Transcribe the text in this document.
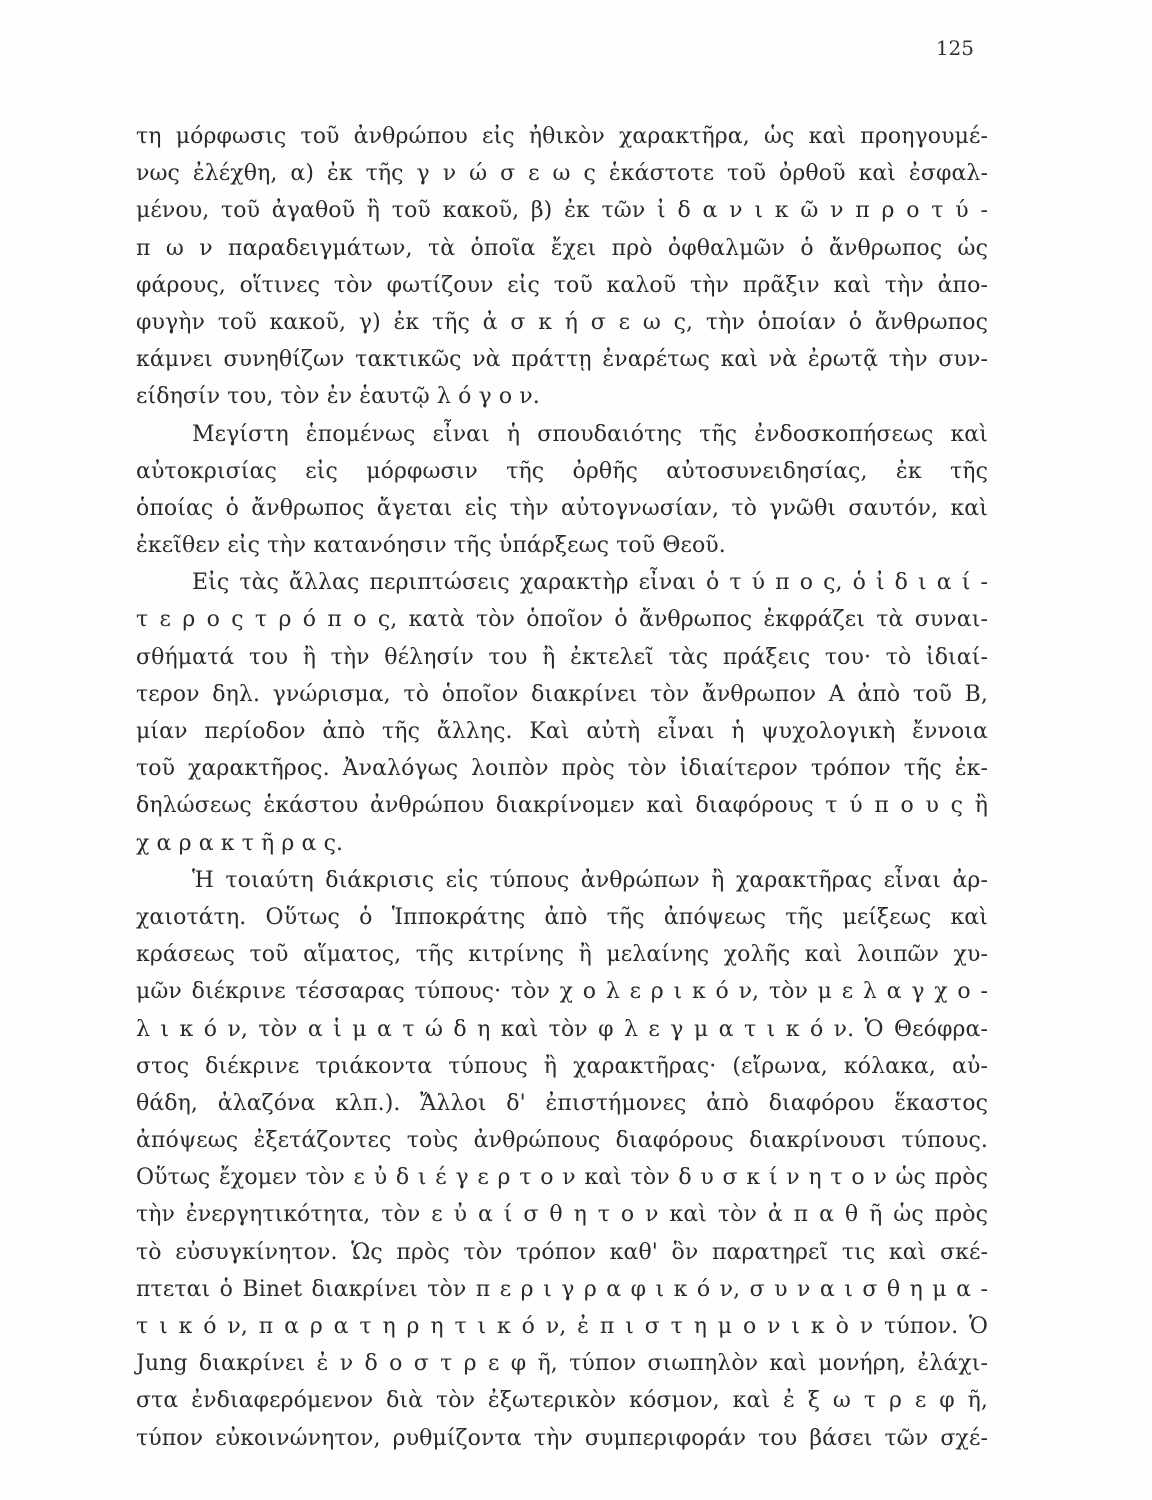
125
τη μόρφωσις τοῦ ἀνθρώπου εἰς ἠθικὸν χαρακτῆρα, ὡς καὶ προηγουμέ-
νως ἐλέχθη, α) ἐκ τῆς γ ν ώ σ ε ω ς ἑκάστοτε τοῦ ὀρθοῦ καὶ ἐσφαλ-
μένου, τοῦ ἀγαθοῦ ἢ τοῦ κακοῦ, β) ἐκ τῶν ἰ δ α ν ι κ ῶ ν π ρ ο τ ύ -
π ω ν παραδειγμάτων, τὰ ὁποῖα ἔχει πρὸ ὀφθαλμῶν ὁ ἄνθρωπος ὡς
φάρους, οἵτινες τὸν φωτίζουν εἰς τοῦ καλοῦ τὴν πρᾶξιν καὶ τὴν ἀπο-
φυγὴν τοῦ κακοῦ, γ) ἐκ τῆς ἀ σ κ ή σ ε ω ς, τὴν ὁποίαν ὁ ἄνθρωπος
κάμνει συνηθίζων τακτικῶς νὰ πράττῃ ἐναρέτως καὶ νὰ ἐρωτᾷ τὴν συν-
είδησίν του, τὸν ἐν ἑαυτῷ λ ό γ ο ν.
Μεγίστη ἑπομένως εἶναι ἡ σπουδαιότης τῆς ἐνδοσκοπήσεως καὶ
αὐτοκρισίας εἰς μόρφωσιν τῆς ὀρθῆς αὐτοσυνειδησίας, ἐκ τῆς
ὁποίας ὁ ἄνθρωπος ἄγεται εἰς τὴν αὐτογνωσίαν, τὸ γνῶθι σαυτόν, καὶ
ἐκεῖθεν εἰς τὴν κατανόησιν τῆς ὑπάρξεως τοῦ Θεοῦ.
Εἰς τὰς ἄλλας περιπτώσεις χαρακτὴρ εἶναι ὁ τ ύ π ο ς, ὁ ἰ δ ι α ί -
τ ε ρ ο ς τ ρ ό π ο ς, κατὰ τὸν ὁποῖον ὁ ἄνθρωπος ἐκφράζει τὰ συναι-
σθήματά του ἢ τὴν θέλησίν του ἢ ἐκτελεῖ τὰς πράξεις του· τὸ ἰδιαί-
τερον δηλ. γνώρισμα, τὸ ὁποῖον διακρίνει τὸν ἄνθρωπον Α ἀπὸ τοῦ Β,
μίαν περίοδον ἀπὸ τῆς ἄλλης. Καὶ αὐτὴ εἶναι ἡ ψυχολογικὴ ἔννοια
τοῦ χαρακτῆρος. Ἀναλόγως λοιπὸν πρὸς τὸν ἰδιαίτερον τρόπον τῆς ἐκ-
δηλώσεως ἑκάστου ἀνθρώπου διακρίνομεν καὶ διαφόρους τ ύ π ο υ ς ἢ
χ α ρ α κ τ ῆ ρ α ς.
Ἡ τοιαύτη διάκρισις εἰς τύπους ἀνθρώπων ἢ χαρακτῆρας εἶναι ἀρ-
χαιοτάτη. Οὕτως ὁ Ἱπποκράτης ἀπὸ τῆς ἀπόψεως τῆς μείξεως καὶ
κράσεως τοῦ αἵματος, τῆς κιτρίνης ἢ μελαίνης χολῆς καὶ λοιπῶν χυ-
μῶν διέκρινε τέσσαρας τύπους· τὸν χ ο λ ε ρ ι κ ό ν, τὸν μ ε λ α γ χ ο -
λ ι κ ό ν, τὸν α ἱ μ α τ ώ δ η καὶ τὸν φ λ ε γ μ α τ ι κ ό ν. Ὁ Θεόφρα-
στος διέκρινε τριάκοντα τύπους ἢ χαρακτῆρας· (εἴρωνα, κόλακα, αὐ-
θάδη, ἀλαζόνα κλπ.). Ἄλλοι δ' ἐπιστήμονες ἀπὸ διαφόρου ἕκαστος
ἀπόψεως ἐξετάζοντες τοὺς ἀνθρώπους διαφόρους διακρίνουσι τύπους.
Οὕτως ἔχομεν τὸν ε ὐ δ ι έ γ ε ρ τ ο ν καὶ τὸν δ υ σ κ ί ν η τ ο ν ὡς πρὸς
τὴν ἐνεργητικότητα, τὸν ε ὐ α ί σ θ η τ ο ν καὶ τὸν ἀ π α θ ῆ ὡς πρὸς
τὸ εὐσυγκίνητον. Ὡς πρὸς τὸν τρόπον καθ' ὃν παρατηρεῖ τις καὶ σκέ-
πτεται ὁ Binet διακρίνει τὸν π ε ρ ι γ ρ α φ ι κ ό ν, σ υ ν α ι σ θ η μ α -
τ ι κ ό ν, π α ρ α τ η ρ η τ ι κ ό ν, ἐ π ι σ τ η μ ο ν ι κ ὸ ν τύπον. Ὁ
Jung διακρίνει ἐ ν δ ο σ τ ρ ε φ ῆ, τύπον σιωπηλὸν καὶ μονήρη, ἐλάχι-
στα ἐνδιαφερόμενον διὰ τὸν ἐξωτερικὸν κόσμον, καὶ ἐ ξ ω τ ρ ε φ ῆ,
τύπον εὐκοινώνητον, ρυθμίζοντα τὴν συμπεριφοράν του βάσει τῶν σχέ-
